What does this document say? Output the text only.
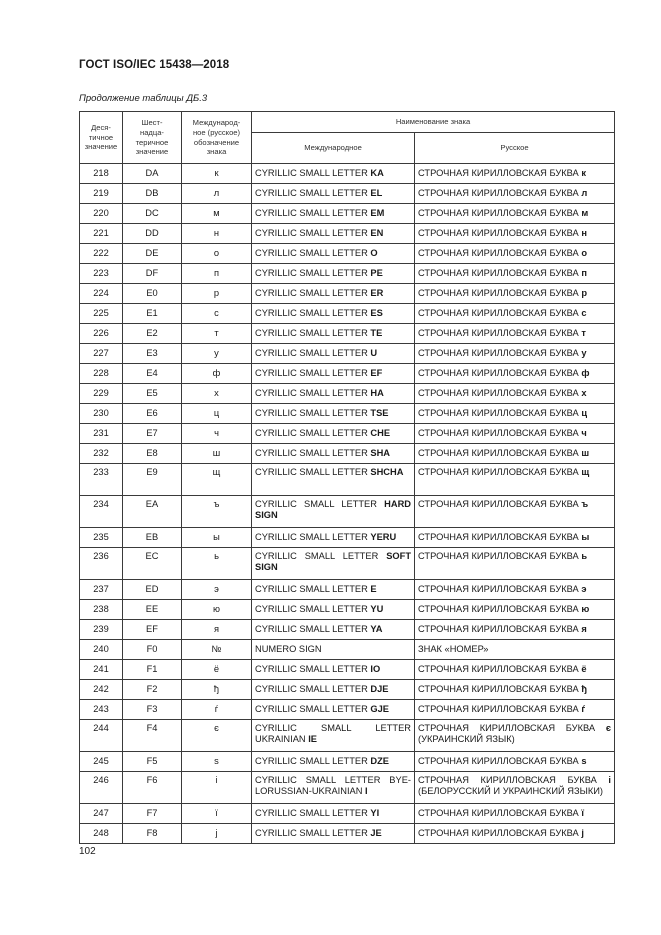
ГОСТ ISO/IEC 15438—2018
Продолжение таблицы ДБ.3
Деся-
тичное
значение	Шест-
надца-
теричное
значение	Междунарoд-
ное (русское)
обозначение
знака	Наименование знака	
			Международное	Русское
218	DA	к	CYRILLIC SMALL LETTER KA	СТРОЧНАЯ КИРИЛЛОВСКАЯ БУКВА к
219	DB	л	CYRILLIC SMALL LETTER EL	СТРОЧНАЯ КИРИЛЛОВСКАЯ БУКВА л
220	DC	м	CYRILLIC SMALL LETTER EM	СТРОЧНАЯ КИРИЛЛОВСКАЯ БУКВА м
221	DD	н	CYRILLIC SMALL LETTER EN	СТРОЧНАЯ КИРИЛЛОВСКАЯ БУКВА н
222	DE	о	CYRILLIC SMALL LETTER O	СТРОЧНАЯ КИРИЛЛОВСКАЯ БУКВА о
223	DF	п	CYRILLIC SMALL LETTER PE	СТРОЧНАЯ КИРИЛЛОВСКАЯ БУКВА п
224	E0	р	CYRILLIC SMALL LETTER ER	СТРОЧНАЯ КИРИЛЛОВСКАЯ БУКВА р
225	E1	с	CYRILLIC SMALL LETTER ES	СТРОЧНАЯ КИРИЛЛОВСКАЯ БУКВА с
226	E2	т	CYRILLIC SMALL LETTER TE	СТРОЧНАЯ КИРИЛЛОВСКАЯ БУКВА т
227	E3	у	CYRILLIC SMALL LETTER U	СТРОЧНАЯ КИРИЛЛОВСКАЯ БУКВА у
228	E4	ф	CYRILLIC SMALL LETTER EF	СТРОЧНАЯ КИРИЛЛОВСКАЯ БУКВА ф
229	E5	х	CYRILLIC SMALL LETTER HA	СТРОЧНАЯ КИРИЛЛОВСКАЯ БУКВА х
230	E6	ц	CYRILLIC SMALL LETTER TSE	СТРОЧНАЯ КИРИЛЛОВСКАЯ БУКВА ц
231	E7	ч	CYRILLIC SMALL LETTER CHE	СТРОЧНАЯ КИРИЛЛОВСКАЯ БУКВА ч
232	E8	ш	CYRILLIC SMALL LETTER SHA	СТРОЧНАЯ КИРИЛЛОВСКАЯ БУКВА ш
233	E9	щ	CYRILLIC SMALL LETTER SHCHA	СТРОЧНАЯ КИРИЛЛОВСКАЯ БУКВА щ
234	EA	ъ	CYRILLIC SMALL LETTER HARD SIGN	СТРОЧНАЯ КИРИЛЛОВСКАЯ БУКВА ъ
235	EB	ы	CYRILLIC SMALL LETTER YERU	СТРОЧНАЯ КИРИЛЛОВСКАЯ БУКВА ы
236	EC	ь	CYRILLIC SMALL LETTER SOFT SIGN	СТРОЧНАЯ КИРИЛЛОВСКАЯ БУКВА ь
237	ED	э	CYRILLIC SMALL LETTER E	СТРОЧНАЯ КИРИЛЛОВСКАЯ БУКВА э
238	EE	ю	CYRILLIC SMALL LETTER YU	СТРОЧНАЯ КИРИЛЛОВСКАЯ БУКВА ю
239	EF	я	CYRILLIC SMALL LETTER YA	СТРОЧНАЯ КИРИЛЛОВСКАЯ БУКВА я
240	F0	№	NUMERO SIGN	ЗНАК «НОМЕР»
241	F1	ё	CYRILLIC SMALL LETTER IO	СТРОЧНАЯ КИРИЛЛОВСКАЯ БУКВА ё
242	F2	ђ	CYRILLIC SMALL LETTER DJE	СТРОЧНАЯ КИРИЛЛОВСКАЯ БУКВА ђ
243	F3	ѓ	CYRILLIC SMALL LETTER GJE	СТРОЧНАЯ КИРИЛЛОВСКАЯ БУКВА ѓ
244	F4	є	CYRILLIC SMALL LETTER UKRAINIAN IE	СТРОЧНАЯ КИРИЛЛОВСКАЯ БУКВА є (УКРАИНСКИЙ ЯЗЫК)
245	F5	s	CYRILLIC SMALL LETTER DZE	СТРОЧНАЯ КИРИЛЛОВСКАЯ БУКВА s
246	F6	і	CYRILLIC SMALL LETTER BYE-LORUSSIAN-UKRAINIAN I	СТРОЧНАЯ КИРИЛЛОВСКАЯ БУКВА і (БЕЛОРУССКИЙ И УКРАИНСКИЙ ЯЗЫКИ)
247	F7	ї	CYRILLIC SMALL LETTER YI	СТРОЧНАЯ КИРИЛЛОВСКАЯ БУКВА ї
248	F8	ј	CYRILLIC SMALL LETTER JE	СТРОЧНАЯ КИРИЛЛОВСКАЯ БУКВА ј
102
